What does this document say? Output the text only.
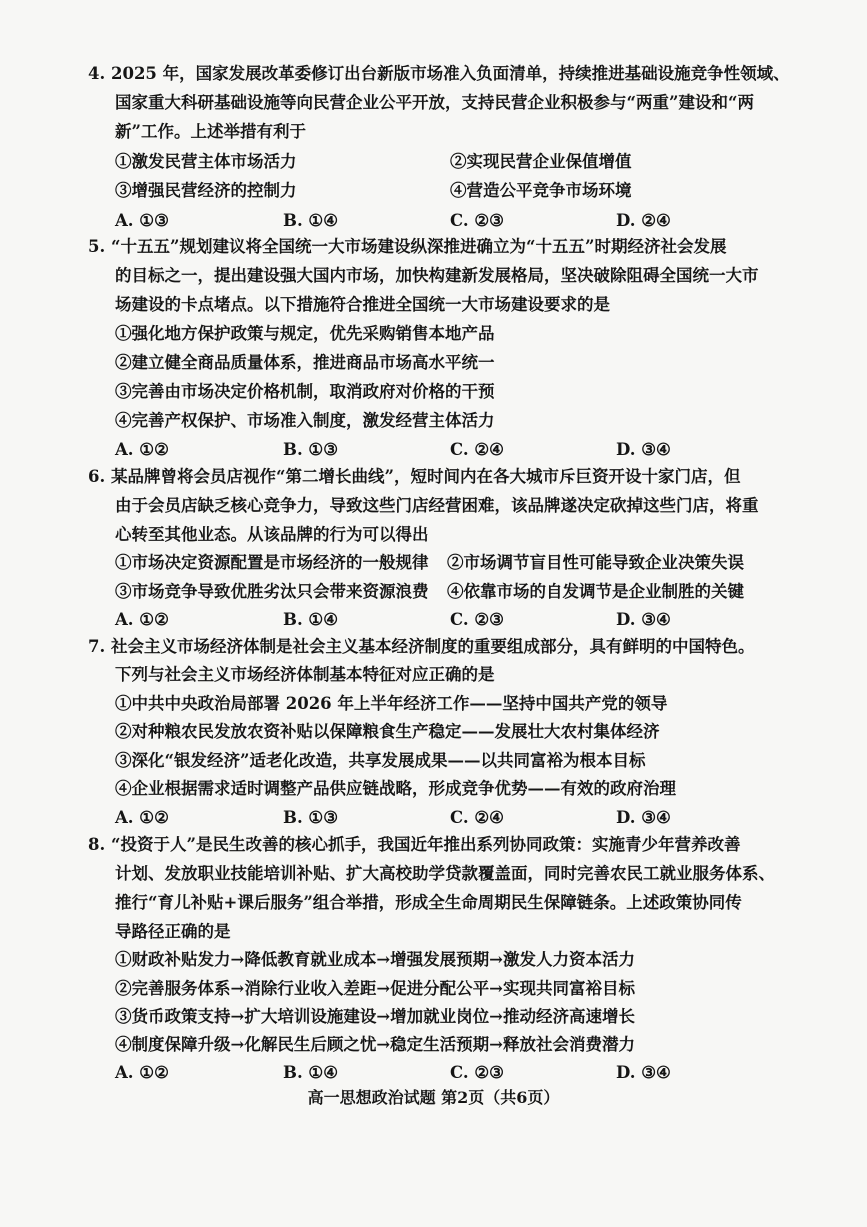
4. 2025 年，国家发展改革委修订出台新版市场准入负面清单，持续推进基础设施竞争性领域、
国家重大科研基础设施等向民营企业公平开放，支持民营企业积极参与“两重”建设和“两
新”工作。上述举措有利于
①激发民营主体市场活力	②实现民营企业保值增值
③增强民营经济的控制力	④营造公平竞争市场环境
A. ①③	B. ①④	C. ②③	D. ②④
5. “十五五”规划建议将全国统一大市场建设纵深推进确立为“十五五”时期经济社会发展
的目标之一，提出建设强大国内市场，加快构建新发展格局，坚决破除阻碍全国统一大市
场建设的卡点堵点。以下措施符合推进全国统一大市场建设要求的是
①强化地方保护政策与规定，优先采购销售本地产品
②建立健全商品质量体系，推进商品市场高水平统一
③完善由市场决定价格机制，取消政府对价格的干预
④完善产权保护、市场准入制度，激发经营主体活力
A. ①②	B. ①③	C. ②④	D. ③④
6. 某品牌曾将会员店视作“第二增长曲线”，短时间内在各大城市斥巨资开设十家门店，但
由于会员店缺乏核心竞争力，导致这些门店经营困难，该品牌遂决定砍掉这些门店，将重
心转至其他业态。从该品牌的行为可以得出
①市场决定资源配置是市场经济的一般规律 ②市场调节盲目性可能导致企业决策失误
③市场竞争导致优胜劣汰只会带来资源浪费 ④依靠市场的自发调节是企业制胜的关键
A. ①②	B. ①④	C. ②③	D. ③④
7. 社会主义市场经济体制是社会主义基本经济制度的重要组成部分，具有鲜明的中国特色。
下列与社会主义市场经济体制基本特征对应正确的是
①中共中央政治局部署 2026 年上半年经济工作——坚持中国共产党的领导
②对种粮农民发放农资补贴以保障粮食生产稳定——发展壮大农村集体经济
③深化“银发经济”适老化改造，共享发展成果——以共同富裕为根本目标
④企业根据需求适时调整产品供应链战略，形成竞争优势——有效的政府治理
A. ①②	B. ①③	C. ②④	D. ③④
8. “投资于人”是民生改善的核心抓手，我国近年推出系列协同政策：实施青少年营养改善
计划、发放职业技能培训补贴、扩大高校助学贷款覆盖面，同时完善农民工就业服务体系、
推行“育儿补贴+课后服务”组合举措，形成全生命周期民生保障链条。上述政策协同传
导路径正确的是
①财政补贴发力→降低教育就业成本→增强发展预期→激发人力资本活力
②完善服务体系→消除行业收入差距→促进分配公平→实现共同富裕目标
③货币政策支持→扩大培训设施建设→增加就业岗位→推动经济高速增长
④制度保障升级→化解民生后顾之忧→稳定生活预期→释放社会消费潜力
A. ①②	B. ①④	C. ②③	D. ③④
高一思想政治试题 第2页（共6页）
